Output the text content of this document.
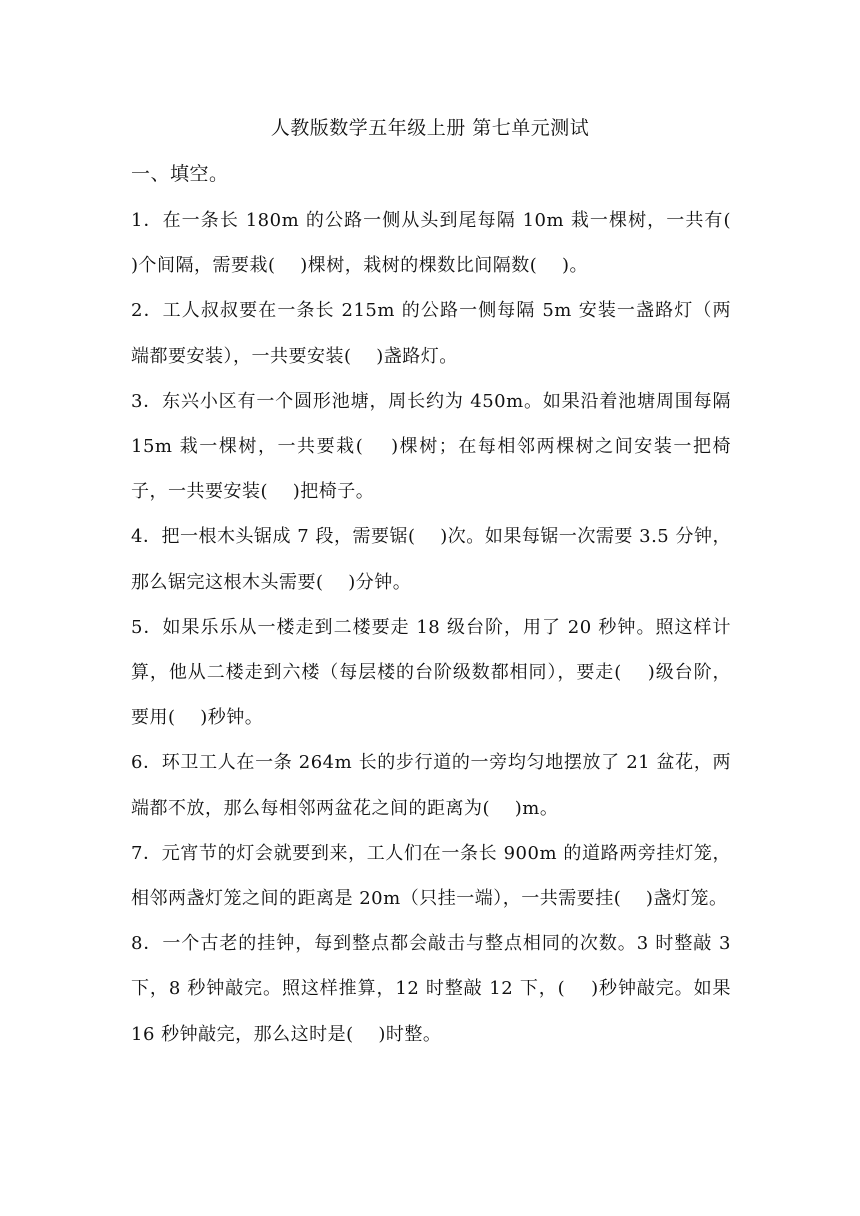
人教版数学五年级上册 第七单元测试
一、填空。
1．在一条长 180m 的公路一侧从头到尾每隔 10m 栽一棵树，一共有(　 )个间隔，需要栽(　 )棵树，栽树的棵数比间隔数(　 )。
2．工人叔叔要在一条长 215m 的公路一侧每隔 5m 安装一盏路灯（两端都要安装），一共要安装(　 )盏路灯。
3．东兴小区有一个圆形池塘，周长约为 450m。如果沿着池塘周围每隔 15m 栽一棵树，一共要栽(　 )棵树；在每相邻两棵树之间安装一把椅子，一共要安装(　 )把椅子。
4．把一根木头锯成 7 段，需要锯(　 )次。如果每锯一次需要 3.5 分钟，那么锯完这根木头需要(　 )分钟。
5．如果乐乐从一楼走到二楼要走 18 级台阶，用了 20 秒钟。照这样计算，他从二楼走到六楼（每层楼的台阶级数都相同），要走(　 )级台阶，要用(　 )秒钟。
6．环卫工人在一条 264m 长的步行道的一旁均匀地摆放了 21 盆花，两端都不放，那么每相邻两盆花之间的距离为(　 )m。
7．元宵节的灯会就要到来，工人们在一条长 900m 的道路两旁挂灯笼，相邻两盏灯笼之间的距离是 20m（只挂一端），一共需要挂(　 )盏灯笼。
8．一个古老的挂钟，每到整点都会敲击与整点相同的次数。3 时整敲 3 下，8 秒钟敲完。照这样推算，12 时整敲 12 下，(　 )秒钟敲完。如果 16 秒钟敲完，那么这时是(　 )时整。
